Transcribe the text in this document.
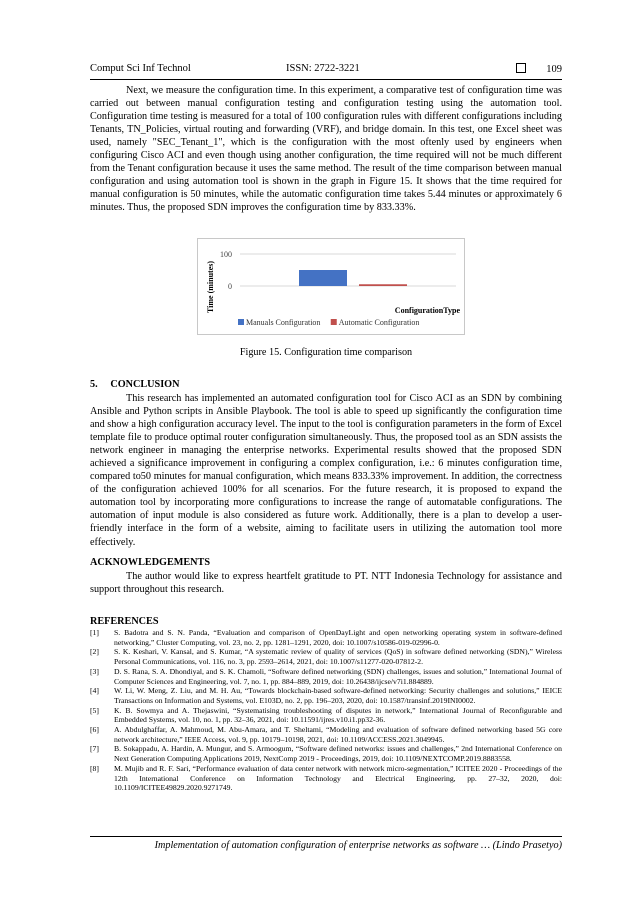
Comput Sci Inf Technol	ISSN: 2722-3221	109

Next, we measure the configuration time. In this experiment, a comparative test of configuration time was carried out between manual configuration testing and configuration testing using the automation tool. Configuration time testing is measured for a total of 100 configuration rules with different configurations including Tenants, TN_Policies, virtual routing and forwarding (VRF), and bridge domain. In this test, one Excel sheet was used, namely "SEC_Tenant_1", which is the configuration with the most oftenly used by engineers when configuring Cisco ACI and even though using another configuration, the time required will not be much different from the Tenant configuration because it uses the same method. The result of the time comparison between manual configuration and using automation tool is shown in the graph in Figure 15. It shows that the time required for manual configuration is 50 minutes, while the automatic configuration time takes 5.44 minutes or approximately 6 minutes. Thus, the proposed SDN improves the configuration time by 833.33%.

0
100
Time (minutes)	ConfigurationType
Manuals Configuration Automatic Configuration
Figure 15. Configuration time comparison
5. CONCLUSION

This research has implemented an automated configuration tool for Cisco ACI as an SDN by combining Ansible and Python scripts in Ansible Playbook. The tool is able to speed up significantly the configuration time and show a high configuration accuracy level. The input to the tool is configuration parameters in the form of Excel template file to produce optimal router configuration simultaneously. Thus, the proposed tool as an SDN assists the network engineer in managing the enterprise networks. Experimental results showed that the proposed SDN achieved a significance improvement in configuring a complex configuration, i.e.: 6 minutes configuration time, compared to50 minutes for manual configuration, which means 833.33% improvement. In addition, the correctness of the configuration achieved 100% for all scenarios. For the future research, it is proposed to expand the automation tool by incorporating more configurations to increase the range of automatable configurations. The automation of input module is also considered as future work. Additionally, there is a plan to develop a user-friendly interface in the form of a website, aiming to facilitate users in utilizing the automation tool more effectively.

ACKNOWLEDGEMENTS

The author would like to express heartfelt gratitude to PT. NTT Indonesia Technology for assistance and support throughout this research.

REFERENCES
[1]	S. Badotra and S. N. Panda, “Evaluation and comparison of OpenDayLight and open networking operating system in software-defined networking,” Cluster Computing, vol. 23, no. 2, pp. 1281–1291, 2020, doi: 10.1007/s10586-019-02996-0.
[2]	S. K. Keshari, V. Kansal, and S. Kumar, “A systematic review of quality of services (QoS) in software defined networking (SDN),” Wireless Personal Communications, vol. 116, no. 3, pp. 2593–2614, 2021, doi: 10.1007/s11277-020-07812-2.
[3]	D. S. Rana, S. A. Dhondiyal, and S. K. Chamoli, “Software defined networking (SDN) challenges, issues and solution,” International Journal of Computer Sciences and Engineering, vol. 7, no. 1, pp. 884–889, 2019, doi: 10.26438/ijcse/v7i1.884889.
[4]	W. Li, W. Meng, Z. Liu, and M. H. Au, “Towards blockchain-based software-defined networking: Security challenges and solutions,” IEICE Transactions on Information and Systems, vol. E103D, no. 2, pp. 196–203, 2020, doi: 10.1587/transinf.2019INI0002.
[5]	K. B. Sowmya and A. Thejaswini, “Systematising troubleshooting of disputes in network,” International Journal of Reconfigurable and Embedded Systems, vol. 10, no. 1, pp. 32–36, 2021, doi: 10.11591/ijres.v10.i1.pp32-36.
[6]	A. Abdulghaffar, A. Mahmoud, M. Abu-Amara, and T. Sheltami, “Modeling and evaluation of software defined networking based 5G core network architecture,” IEEE Access, vol. 9, pp. 10179–10198, 2021, doi: 10.1109/ACCESS.2021.3049945.
[7]	B. Sokappadu, A. Hardin, A. Mungur, and S. Armoogum, “Software defined networks: issues and challenges,” 2nd International Conference on Next Generation Computing Applications 2019, NextComp 2019 - Proceedings, 2019, doi: 10.1109/NEXTCOMP.2019.8883558.
[8]	M. Mujib and R. F. Sari, “Performance evaluation of data center network with network micro-segmentation,” ICITEE 2020 - Proceedings of the 12th International Conference on Information Technology and Electrical Engineering, pp. 27–32, 2020, doi: 10.1109/ICITEE49829.2020.9271749.
Implementation of automation configuration of enterprise networks as software … (Lindo Prasetyo)
